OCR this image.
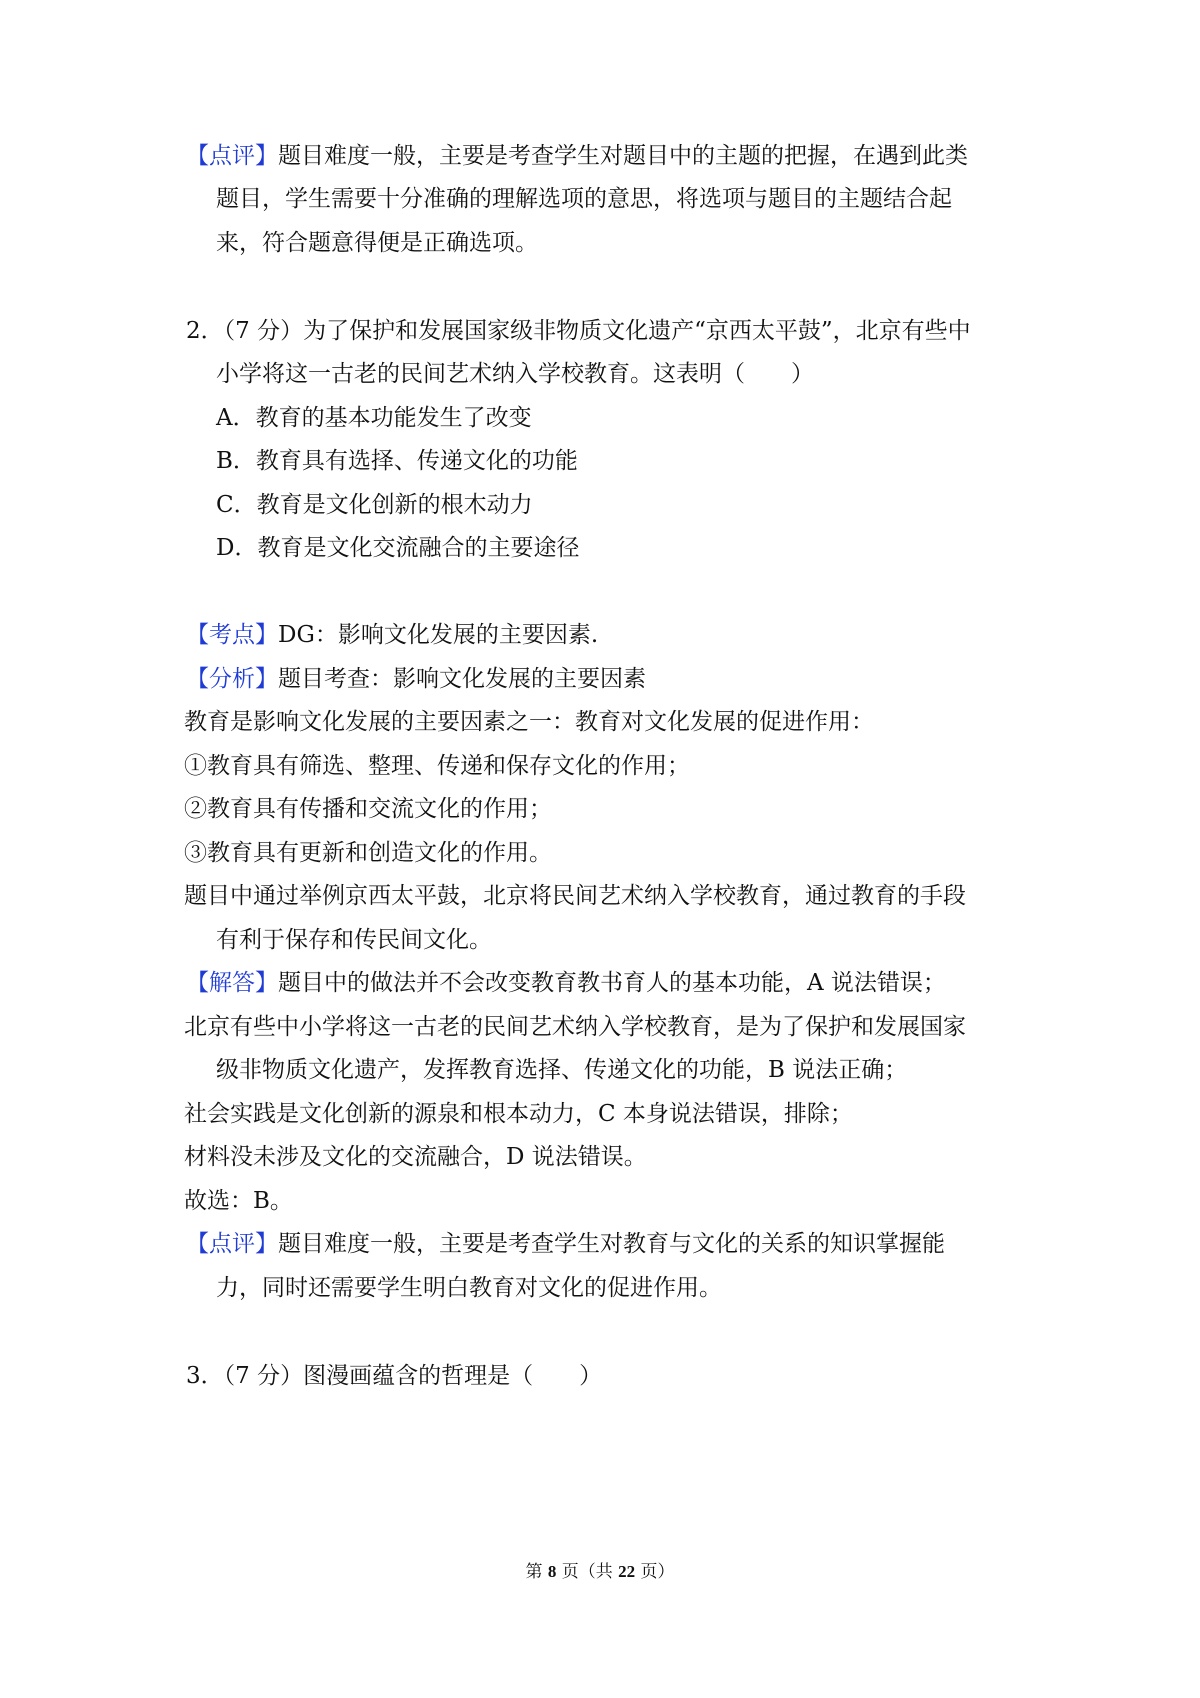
【点评】题目难度一般，主要是考查学生对题目中的主题的把握，在遇到此类
题目，学生需要十分准确的理解选项的意思，将选项与题目的主题结合起
来，符合题意得便是正确选项。
2．（7 分）为了保护和发展国家级非物质文化遗产“京西太平鼓”，北京有些中
小学将这一古老的民间艺术纳入学校教育。这表明（　　）
A．教育的基本功能发生了改变
B．教育具有选择、传递文化的功能
C．教育是文化创新的根木动力
D．教育是文化交流融合的主要途径
【考点】DG：影响文化发展的主要因素.
【分析】题目考查：影响文化发展的主要因素
教育是影响文化发展的主要因素之一：教育对文化发展的促进作用：
①教育具有筛选、整理、传递和保存文化的作用；
②教育具有传播和交流文化的作用；
③教育具有更新和创造文化的作用。
题目中通过举例京西太平鼓，北京将民间艺术纳入学校教育，通过教育的手段
有利于保存和传民间文化。
【解答】题目中的做法并不会改变教育教书育人的基本功能，A 说法错误；
北京有些中小学将这一古老的民间艺术纳入学校教育，是为了保护和发展国家
级非物质文化遗产，发挥教育选择、传递文化的功能，B 说法正确；
社会实践是文化创新的源泉和根本动力，C 本身说法错误，排除；
材料没未涉及文化的交流融合，D 说法错误。
故选：B。
【点评】题目难度一般，主要是考查学生对教育与文化的关系的知识掌握能
力，同时还需要学生明白教育对文化的促进作用。
3．（7 分）图漫画蕴含的哲理是（　　）
第 8 页（共 22 页）
